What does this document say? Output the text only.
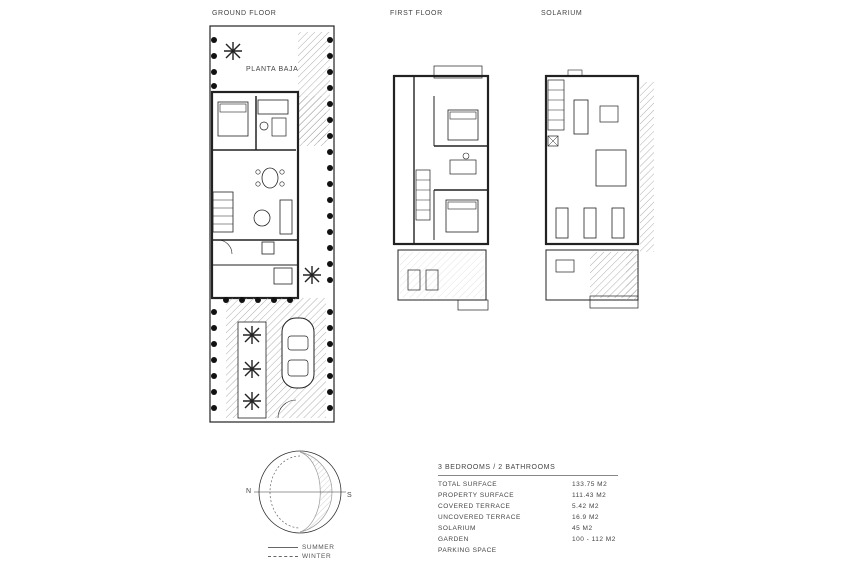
GROUND FLOOR	FIRST FLOOR	SOLARIUM
PLANTA BAJA
N
S
SUMMER
WINTER
3 BEDROOMS / 2 BATHROOMS
TOTAL SURFACE	133.75 M2
PROPERTY SURFACE	111.43 M2
COVERED TERRACE	5.42 M2
UNCOVERED TERRACE	16.9 M2
SOLARIUM	45 M2
GARDEN	100 - 112 M2
PARKING SPACE
